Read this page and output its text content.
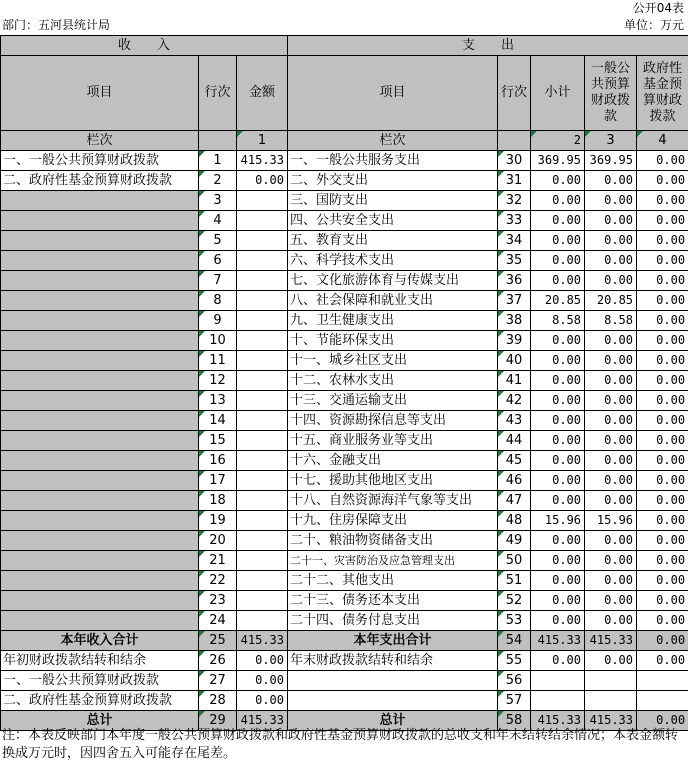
公开04表
部门：五河县统计局	单位：万元
收　　入			支　　出				
项目	行次	金额	项目	行次	小计	一般公共预算财政拨款	政府性基金预算财政拨款
栏次		1	栏次		2	3	4
一、一般公共预算财政拨款	1	415.33	一、一般公共服务支出	30	369.95	369.95	0.00
二、政府性基金预算财政拨款	2	0.00	二、外交支出	31	0.00	0.00	0.00
	3		三、国防支出	32	0.00	0.00	0.00
	4		四、公共安全支出	33	0.00	0.00	0.00
	5		五、教育支出	34	0.00	0.00	0.00
	6		六、科学技术支出	35	0.00	0.00	0.00
	7		七、文化旅游体育与传媒支出	36	0.00	0.00	0.00
	8		八、社会保障和就业支出	37	20.85	20.85	0.00
	9		九、卫生健康支出	38	8.58	8.58	0.00
	10		十、节能环保支出	39	0.00	0.00	0.00
	11		十一、城乡社区支出	40	0.00	0.00	0.00
	12		十二、农林水支出	41	0.00	0.00	0.00
	13		十三、交通运输支出	42	0.00	0.00	0.00
	14		十四、资源勘探信息等支出	43	0.00	0.00	0.00
	15		十五、商业服务业等支出	44	0.00	0.00	0.00
	16		十六、金融支出	45	0.00	0.00	0.00
	17		十七、援助其他地区支出	46	0.00	0.00	0.00
	18		十八、自然资源海洋气象等支出	47	0.00	0.00	0.00
	19		十九、住房保障支出	48	15.96	15.96	0.00
	20		二十、粮油物资储备支出	49	0.00	0.00	0.00
	21		二十一、灾害防治及应急管理支出	50	0.00	0.00	0.00
	22		二十二、其他支出	51	0.00	0.00	0.00
	23		二十三、债务还本支出	52	0.00	0.00	0.00
	24		二十四、债务付息支出	53	0.00	0.00	0.00
本年收入合计	25	415.33	本年支出合计	54	415.33	415.33	0.00
年初财政拨款结转和结余	26	0.00	年末财政拨款结转和结余	55	0.00	0.00	0.00
一、一般公共预算财政拨款	27	0.00		56			
二、政府性基金预算财政拨款	28	0.00		57			
总计	29	415.33	总计	58	415.33	415.33	0.00
注：本表反映部门本年度一般公共预算财政拨款和政府性基金预算财政拨款的总收支和年末结转结余情况；本表金额转换成万元时，因四舍五入可能存在尾差。
